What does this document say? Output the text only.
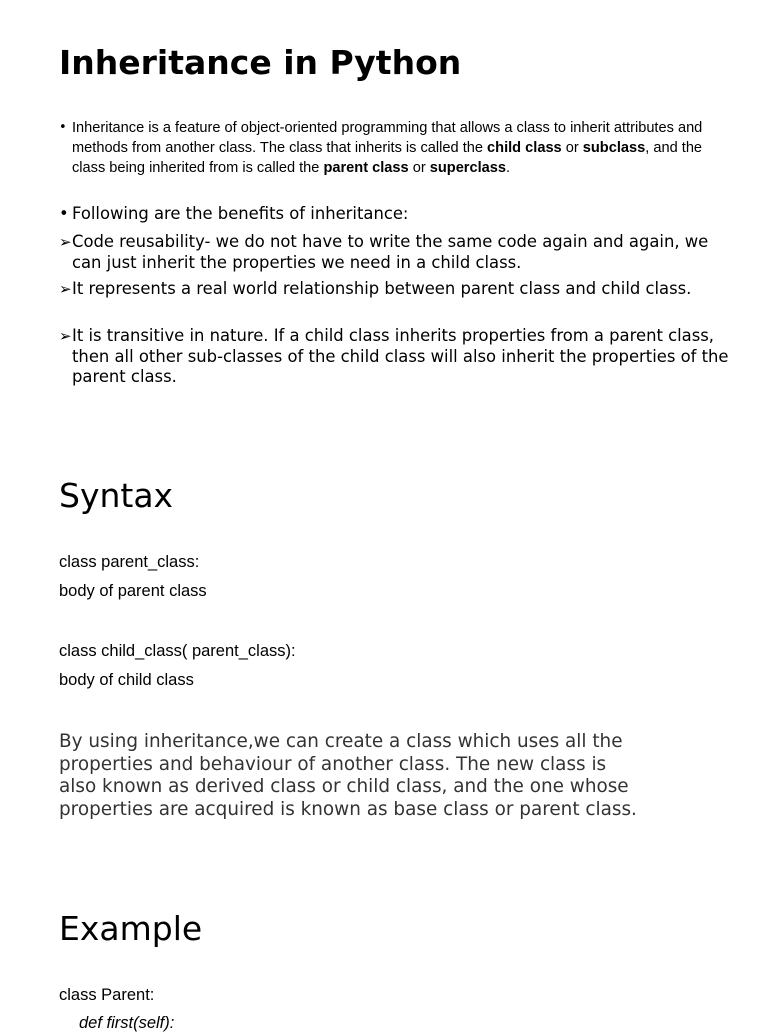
Inheritance in Python
• Inheritance is a feature of object-oriented programming that allows a class to inherit attributes and methods from another class. The class that inherits is called the child class or subclass, and the class being inherited from is called the parent class or superclass.
• Following are the benefits of inheritance:
➢ Code reusability- we do not have to write the same code again and again, we can just inherit the properties we need in a child class.
➢ It represents a real world relationship between parent class and child class.
➢ It is transitive in nature. If a child class inherits properties from a parent class, then all other sub-classes of the child class will also inherit the properties of the parent class.
Syntax

class parent_class:

body of parent class

class child_class( parent_class):

body of child class

By using inheritance,we can create a class which uses all the
properties and behaviour of another class. The new class is
also known as derived class or child class, and the one whose
properties are acquired is known as base class or parent class.
Example

class Parent:

def first(self):
